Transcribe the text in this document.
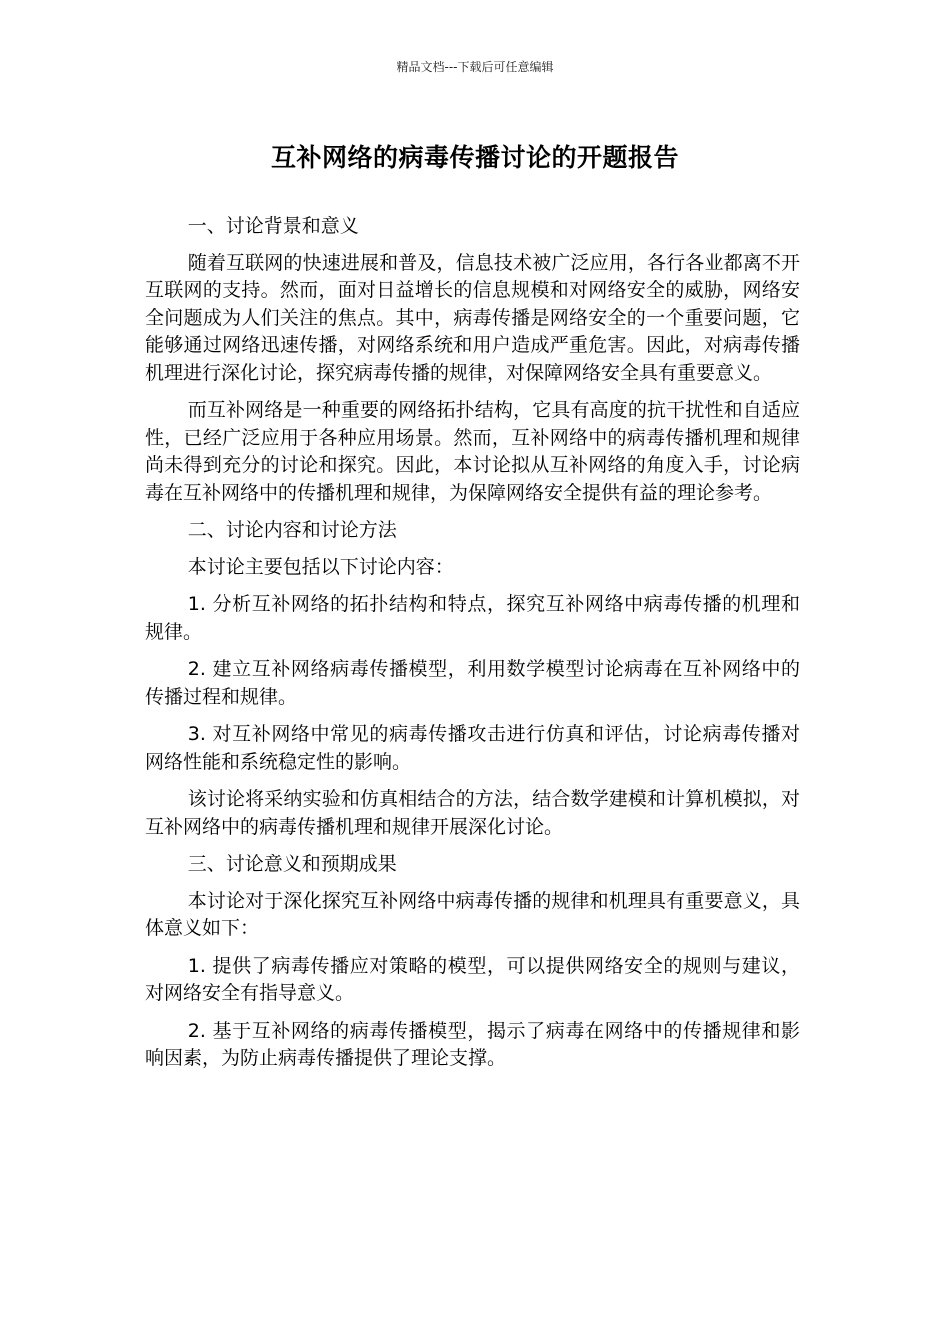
精品文档---下载后可任意编辑
互补网络的病毒传播讨论的开题报告

一、讨论背景和意义

随着互联网的快速进展和普及，信息技术被广泛应用，各行各业都离不开互联网的支持。然而，面对日益增长的信息规模和对网络安全的威胁，网络安全问题成为人们关注的焦点。其中，病毒传播是网络安全的一个重要问题，它能够通过网络迅速传播，对网络系统和用户造成严重危害。因此，对病毒传播机理进行深化讨论，探究病毒传播的规律，对保障网络安全具有重要意义。

而互补网络是一种重要的网络拓扑结构，它具有高度的抗干扰性和自适应性，已经广泛应用于各种应用场景。然而，互补网络中的病毒传播机理和规律尚未得到充分的讨论和探究。因此，本讨论拟从互补网络的角度入手，讨论病毒在互补网络中的传播机理和规律，为保障网络安全提供有益的理论参考。

二、讨论内容和讨论方法

本讨论主要包括以下讨论内容：

1. 分析互补网络的拓扑结构和特点，探究互补网络中病毒传播的机理和规律。

2. 建立互补网络病毒传播模型，利用数学模型讨论病毒在互补网络中的传播过程和规律。

3. 对互补网络中常见的病毒传播攻击进行仿真和评估，讨论病毒传播对网络性能和系统稳定性的影响。

该讨论将采纳实验和仿真相结合的方法，结合数学建模和计算机模拟，对互补网络中的病毒传播机理和规律开展深化讨论。

三、讨论意义和预期成果

本讨论对于深化探究互补网络中病毒传播的规律和机理具有重要意义，具体意义如下：

1. 提供了病毒传播应对策略的模型，可以提供网络安全的规则与建议，对网络安全有指导意义。

2. 基于互补网络的病毒传播模型，揭示了病毒在网络中的传播规律和影响因素，为防止病毒传播提供了理论支撑。
